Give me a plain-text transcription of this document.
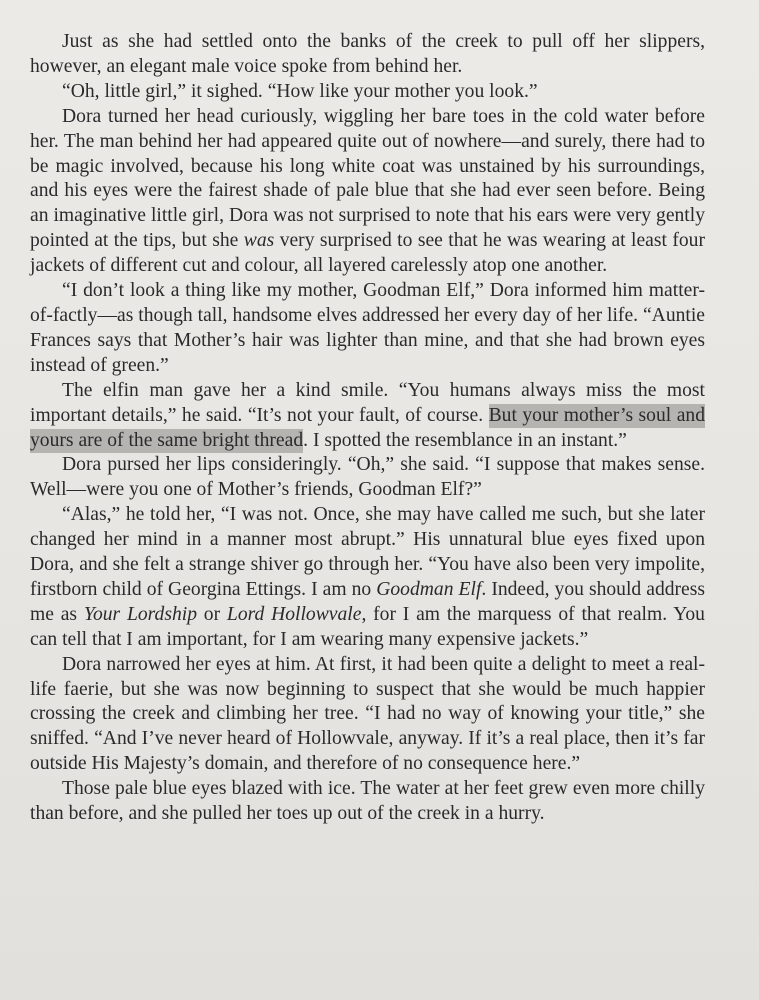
Just as she had settled onto the banks of the creek to pull off her slippers, however, an elegant male voice spoke from behind her.

“Oh, little girl,” it sighed. “How like your mother you look.”

Dora turned her head curiously, wiggling her bare toes in the cold water before her. The man behind her had appeared quite out of nowhere—and surely, there had to be magic involved, because his long white coat was unstained by his surroundings, and his eyes were the fairest shade of pale blue that she had ever seen before. Being an imaginative little girl, Dora was not surprised to note that his ears were very gently pointed at the tips, but she was very surprised to see that he was wearing at least four jackets of different cut and colour, all layered carelessly atop one another.

“I don’t look a thing like my mother, Goodman Elf,” Dora informed him matter-of-factly—as though tall, handsome elves addressed her every day of her life. “Auntie Frances says that Mother’s hair was lighter than mine, and that she had brown eyes instead of green.”

The elfin man gave her a kind smile. “You humans always miss the most important details,” he said. “It’s not your fault, of course. But your mother’s soul and yours are of the same bright thread. I spotted the resemblance in an instant.”

Dora pursed her lips consideringly. “Oh,” she said. “I suppose that makes sense. Well—were you one of Mother’s friends, Goodman Elf?”

“Alas,” he told her, “I was not. Once, she may have called me such, but she later changed her mind in a manner most abrupt.” His unnatural blue eyes fixed upon Dora, and she felt a strange shiver go through her. “You have also been very impolite, firstborn child of Georgina Ettings. I am no Goodman Elf. Indeed, you should address me as Your Lordship or Lord Hollowvale, for I am the marquess of that realm. You can tell that I am important, for I am wearing many expensive jackets.”

Dora narrowed her eyes at him. At first, it had been quite a delight to meet a real-life faerie, but she was now beginning to suspect that she would be much happier crossing the creek and climbing her tree. “I had no way of knowing your title,” she sniffed. “And I’ve never heard of Hollowvale, anyway. If it’s a real place, then it’s far outside His Majesty’s domain, and therefore of no consequence here.”

Those pale blue eyes blazed with ice. The water at her feet grew even more chilly than before, and she pulled her toes up out of the creek in a hurry.
